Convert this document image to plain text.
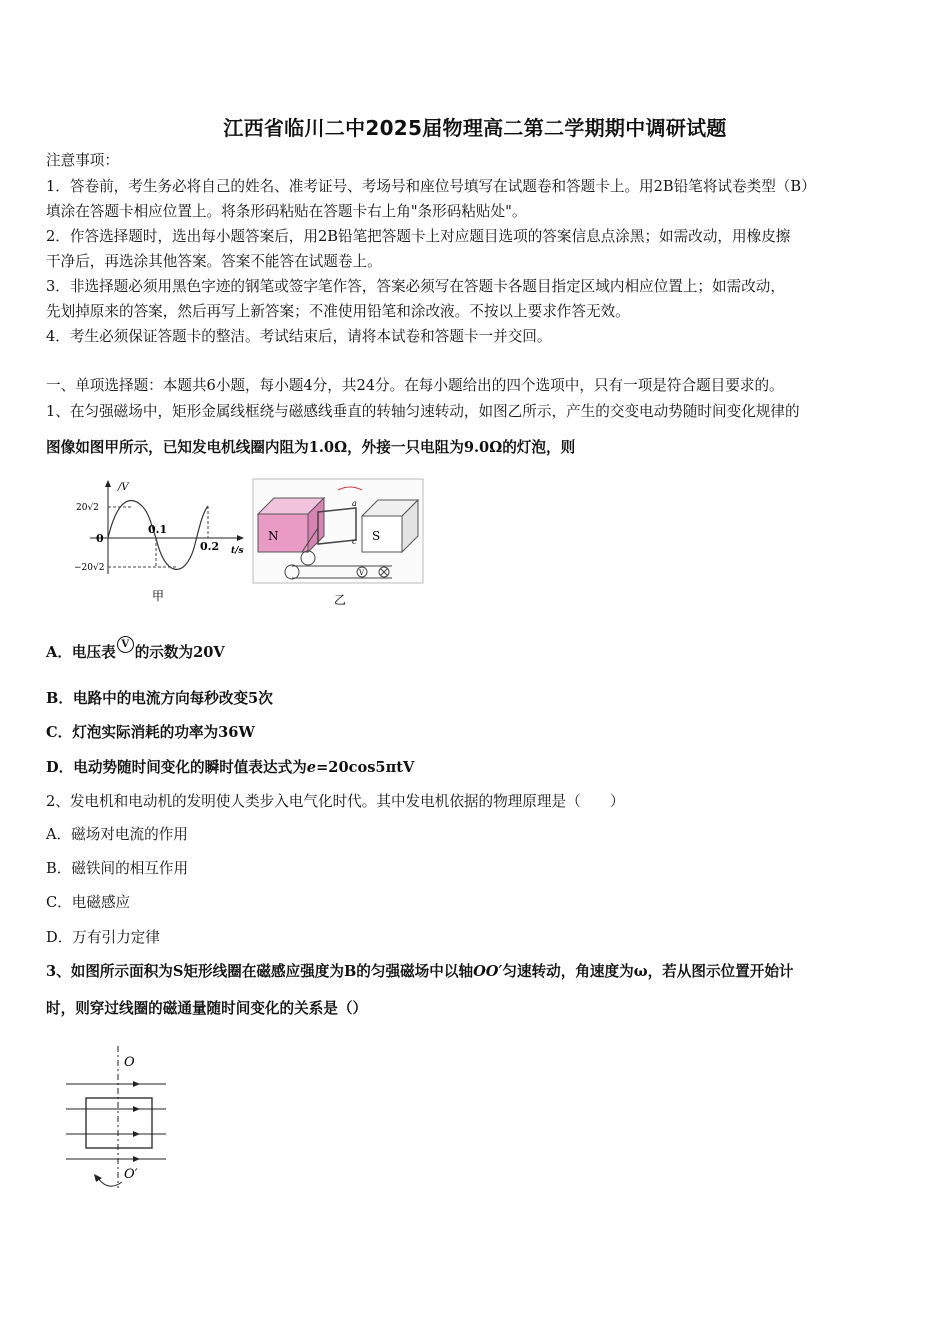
江西省临川二中2025届物理高二第二学期期中调研试题
注意事项：
1．答卷前，考生务必将自己的姓名、准考证号、考场号和座位号填写在试题卷和答题卡上。用2B铅笔将试卷类型（B）
填涂在答题卡相应位置上。将条形码粘贴在答题卡右上角"条形码粘贴处"。
2．作答选择题时，选出每小题答案后，用2B铅笔把答题卡上对应题目选项的答案信息点涂黑；如需改动，用橡皮擦
干净后，再选涂其他答案。答案不能答在试题卷上。
3．非选择题必须用黑色字迹的钢笔或签字笔作答，答案必须写在答题卡各题目指定区域内相应位置上；如需改动，
先划掉原来的答案，然后再写上新答案；不准使用铅笔和涂改液。不按以上要求作答无效。
4．考生必须保证答题卡的整洁。考试结束后，请将本试卷和答题卡一并交回。
一、单项选择题：本题共6小题，每小题4分，共24分。在每小题给出的四个选项中，只有一项是符合题目要求的。
1、在匀强磁场中，矩形金属线框绕与磁感线垂直的转轴匀速转动，如图乙所示，产生的交变电动势随时间变化规律的
图像如图甲所示，已知发电机线圈内阻为1.0Ω，外接一只电阻为9.0Ω的灯泡，则
/V
20√2
−20√2
0
0.1
0.2 t/s
甲
N	S
a
c
V
乙
A．电压表 V 的示数为20V
B．电路中的电流方向每秒改变5次
C．灯泡实际消耗的功率为36W
D．电动势随时间变化的瞬时值表达式为e=20cos5πtV
2、发电机和电动机的发明使人类步入电气化时代。其中发电机依据的物理原理是（　　）
A．磁场对电流的作用
B．磁铁间的相互作用
C．电磁感应
D．万有引力定律
3、如图所示面积为S矩形线圈在磁感应强度为B的匀强磁场中以轴OO′匀速转动，角速度为ω，若从图示位置开始计
时，则穿过线圈的磁通量随时间变化的关系是（）
O
O′
